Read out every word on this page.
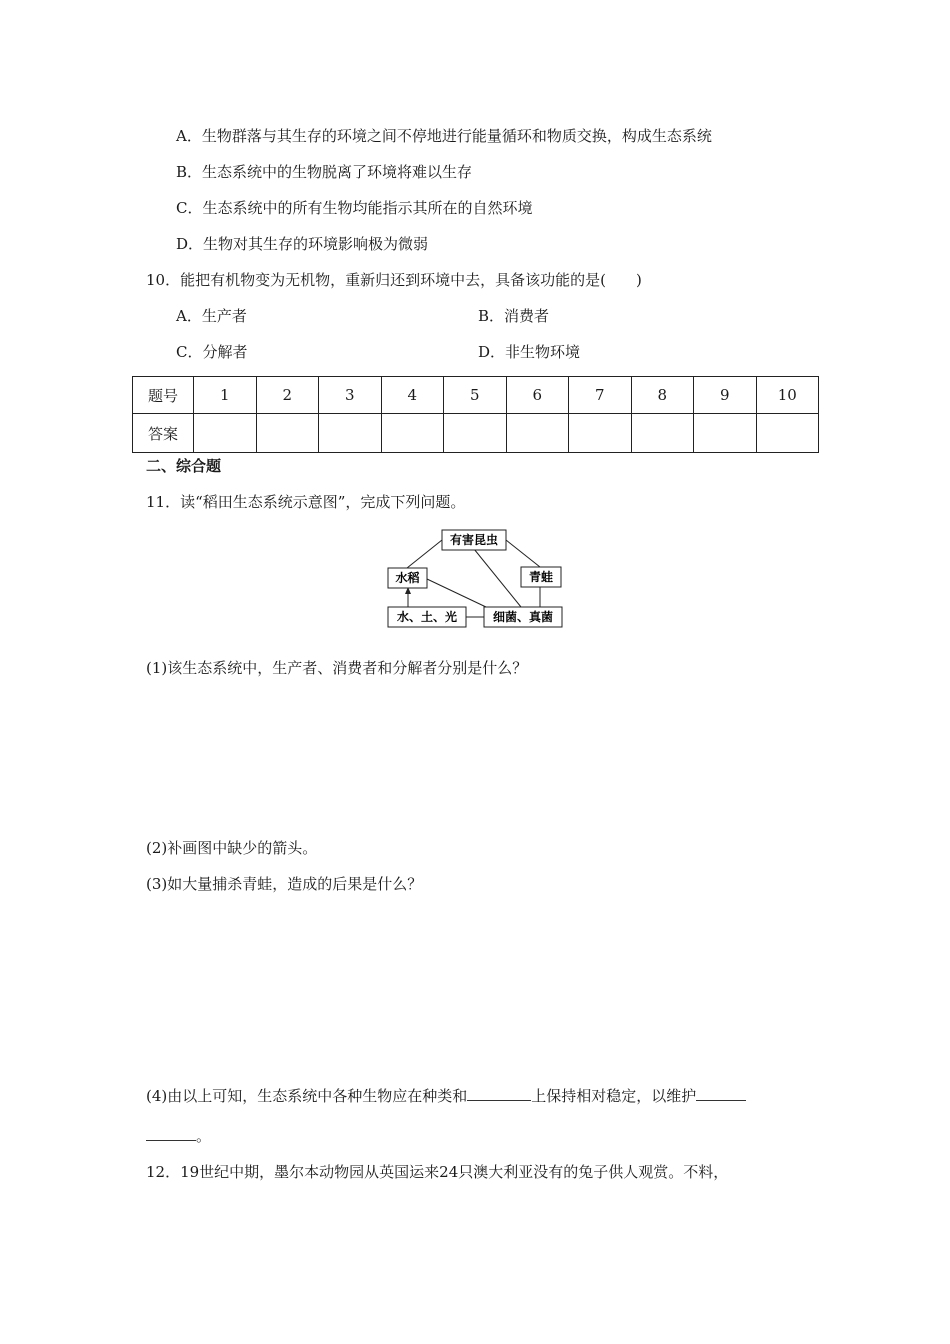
A．生物群落与其生存的环境之间不停地进行能量循环和物质交换，构成生态系统
B．生态系统中的生物脱离了环境将难以生存
C．生态系统中的所有生物均能指示其所在的自然环境
D．生物对其生存的环境影响极为微弱
10．能把有机物变为无机物，重新归还到环境中去，具备该功能的是(　　)
A．生产者	B．消费者
C．分解者	D．非生物环境
题号	1	2	3	4	5	6	7	8	9	10
答案										
二、综合题
11．读“稻田生态系统示意图”，完成下列问题。
有害昆虫
水稻	青蛙
水、土、光	细菌、真菌
(1)该生态系统中，生产者、消费者和分解者分别是什么？
(2)补画图中缺少的箭头。
(3)如大量捕杀青蛙，造成的后果是什么？
(4)由以上可知，生态系统中各种生物应在种类和	上保持相对稳定，以维护
。
12．19世纪中期，墨尔本动物园从英国运来24只澳大利亚没有的兔子供人观赏。不料，
